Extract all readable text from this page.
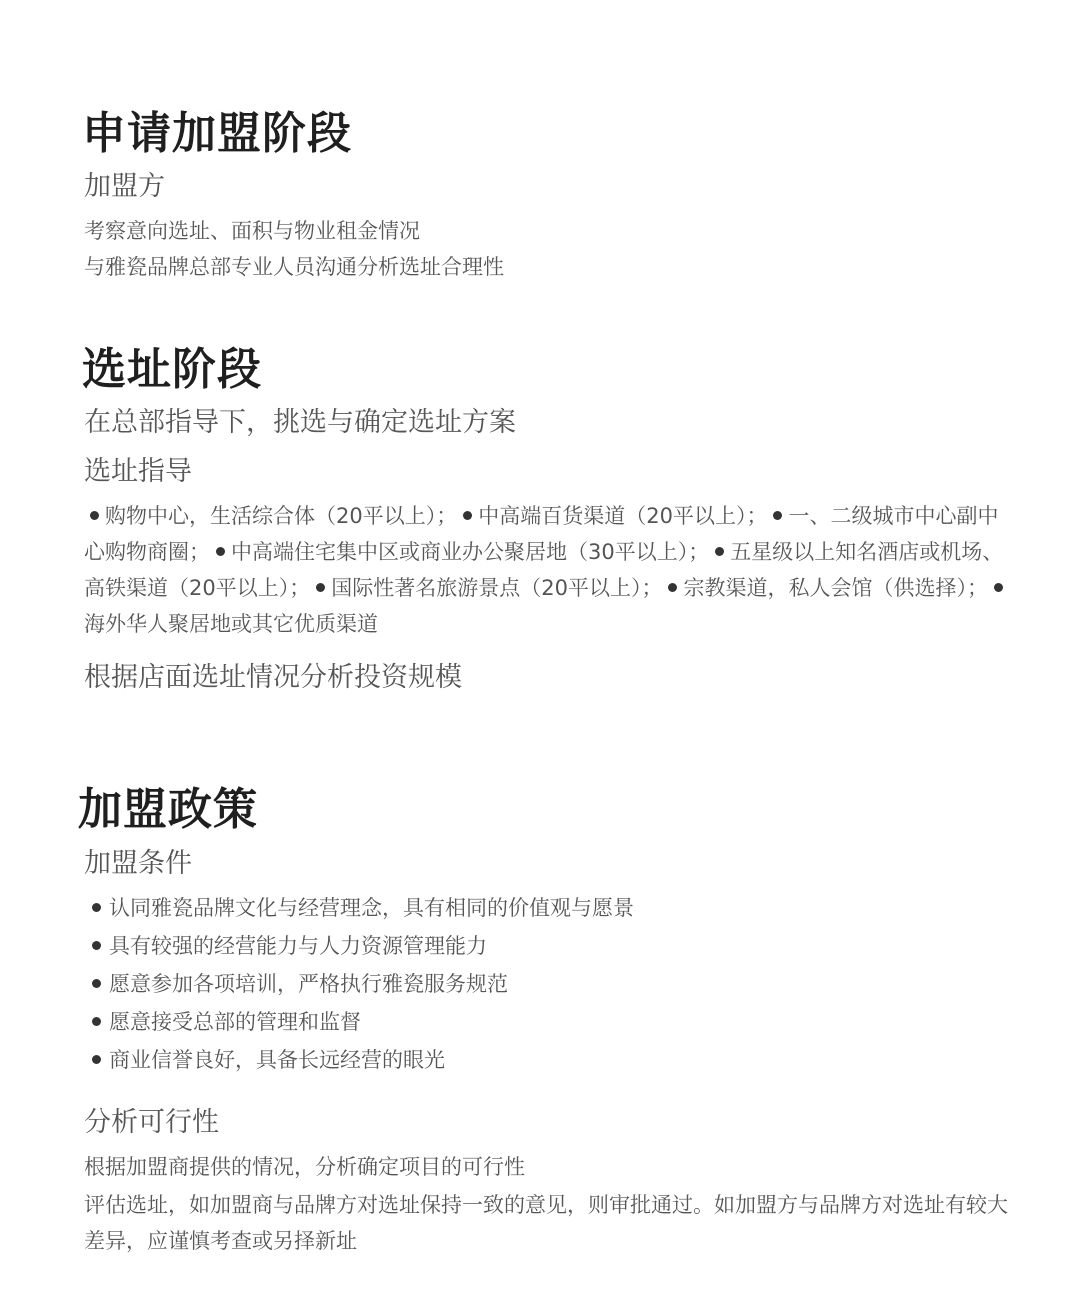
申请加盟阶段
加盟方
考察意向选址、面积与物业租金情况
与雅瓷品牌总部专业人员沟通分析选址合理性
选址阶段
在总部指导下，挑选与确定选址方案
选址指导

购物中心，生活综合体（20平以上）； 中高端百货渠道（20平以上）； 一、二级城市中心副中心购物商圈； 中高端住宅集中区或商业办公聚居地（30平以上）； 五星级以上知名酒店或机场、高铁渠道（20平以上）； 国际性著名旅游景点（20平以上）； 宗教渠道，私人会馆（供选择）；海外华人聚居地或其它优质渠道

根据店面选址情况分析投资规模
加盟政策
加盟条件
认同雅瓷品牌文化与经营理念，具有相同的价值观与愿景
具有较强的经营能力与人力资源管理能力
愿意参加各项培训，严格执行雅瓷服务规范
愿意接受总部的管理和监督
商业信誉良好，具备长远经营的眼光
分析可行性
根据加盟商提供的情况，分析确定项目的可行性

评估选址，如加盟商与品牌方对选址保持一致的意见，则审批通过。如加盟方与品牌方对选址有较大差异，应谨慎考查或另择新址
